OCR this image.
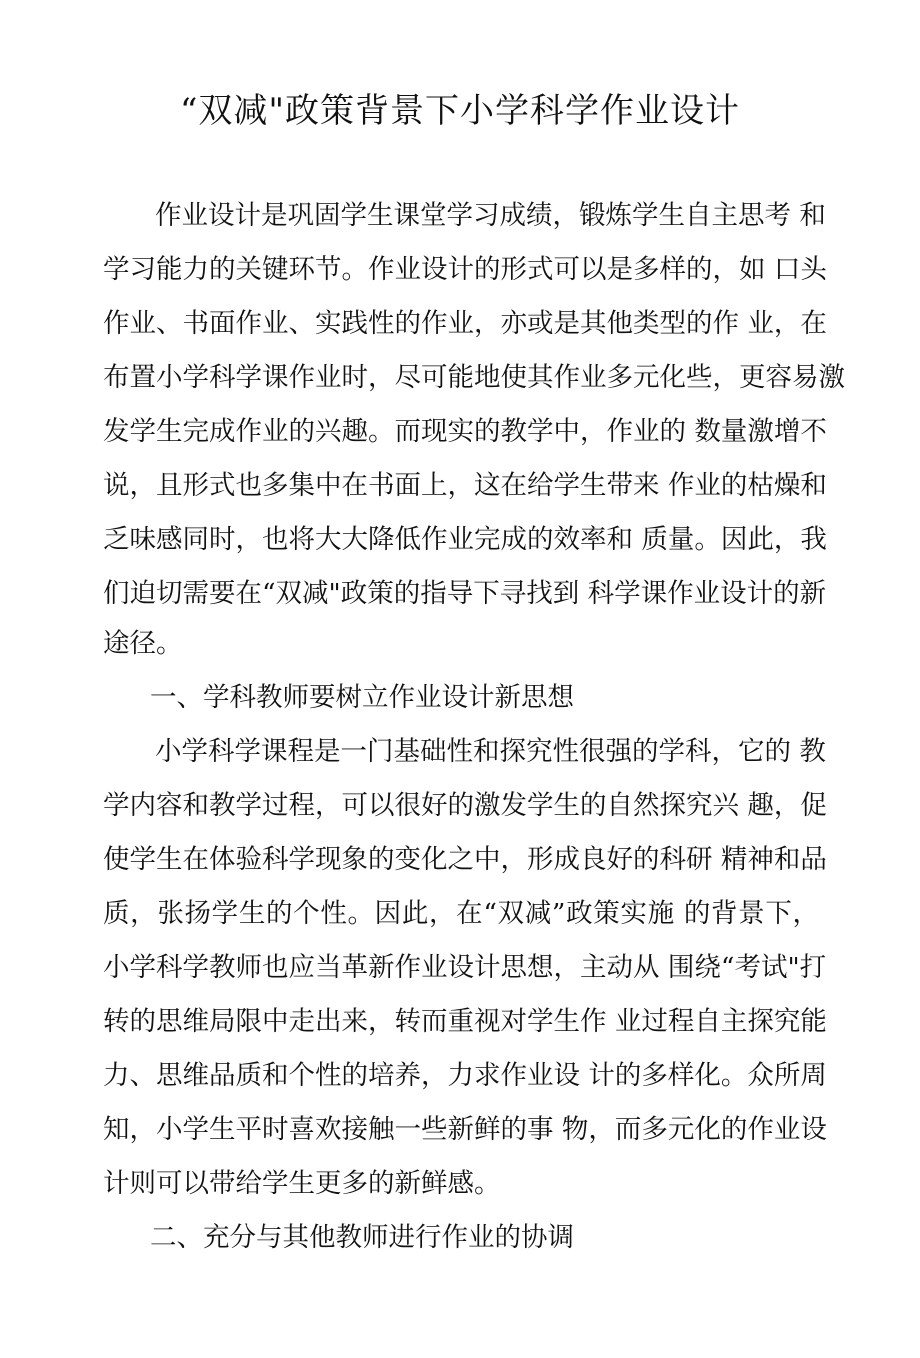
“双减"政策背景下小学科学作业设计
作业设计是巩固学生课堂学习成绩，锻炼学生自主思考 和
学习能力的关键环节。作业设计的形式可以是多样的，如 口头
作业、书面作业、实践性的作业，亦或是其他类型的作 业，在
布置小学科学课作业时，尽可能地使其作业多元化些，更容易激
发学生完成作业的兴趣。而现实的教学中，作业的 数量激增不
说，且形式也多集中在书面上，这在给学生带来 作业的枯燥和
乏味感同时，也将大大降低作业完成的效率和 质量。因此，我
们迫切需要在“双减"政策的指导下寻找到 科学课作业设计的新
途径。
一、学科教师要树立作业设计新思想
小学科学课程是一门基础性和探究性很强的学科，它的 教
学内容和教学过程，可以很好的激发学生的自然探究兴 趣，促
使学生在体验科学现象的变化之中，形成良好的科研 精神和品
质，张扬学生的个性。因此，在“双减”政策实施 的背景下，
小学科学教师也应当革新作业设计思想，主动从 围绕“考试"打
转的思维局限中走出来，转而重视对学生作 业过程自主探究能
力、思维品质和个性的培养，力求作业设 计的多样化。众所周
知，小学生平时喜欢接触一些新鲜的事 物，而多元化的作业设
计则可以带给学生更多的新鲜感。
二、充分与其他教师进行作业的协调
